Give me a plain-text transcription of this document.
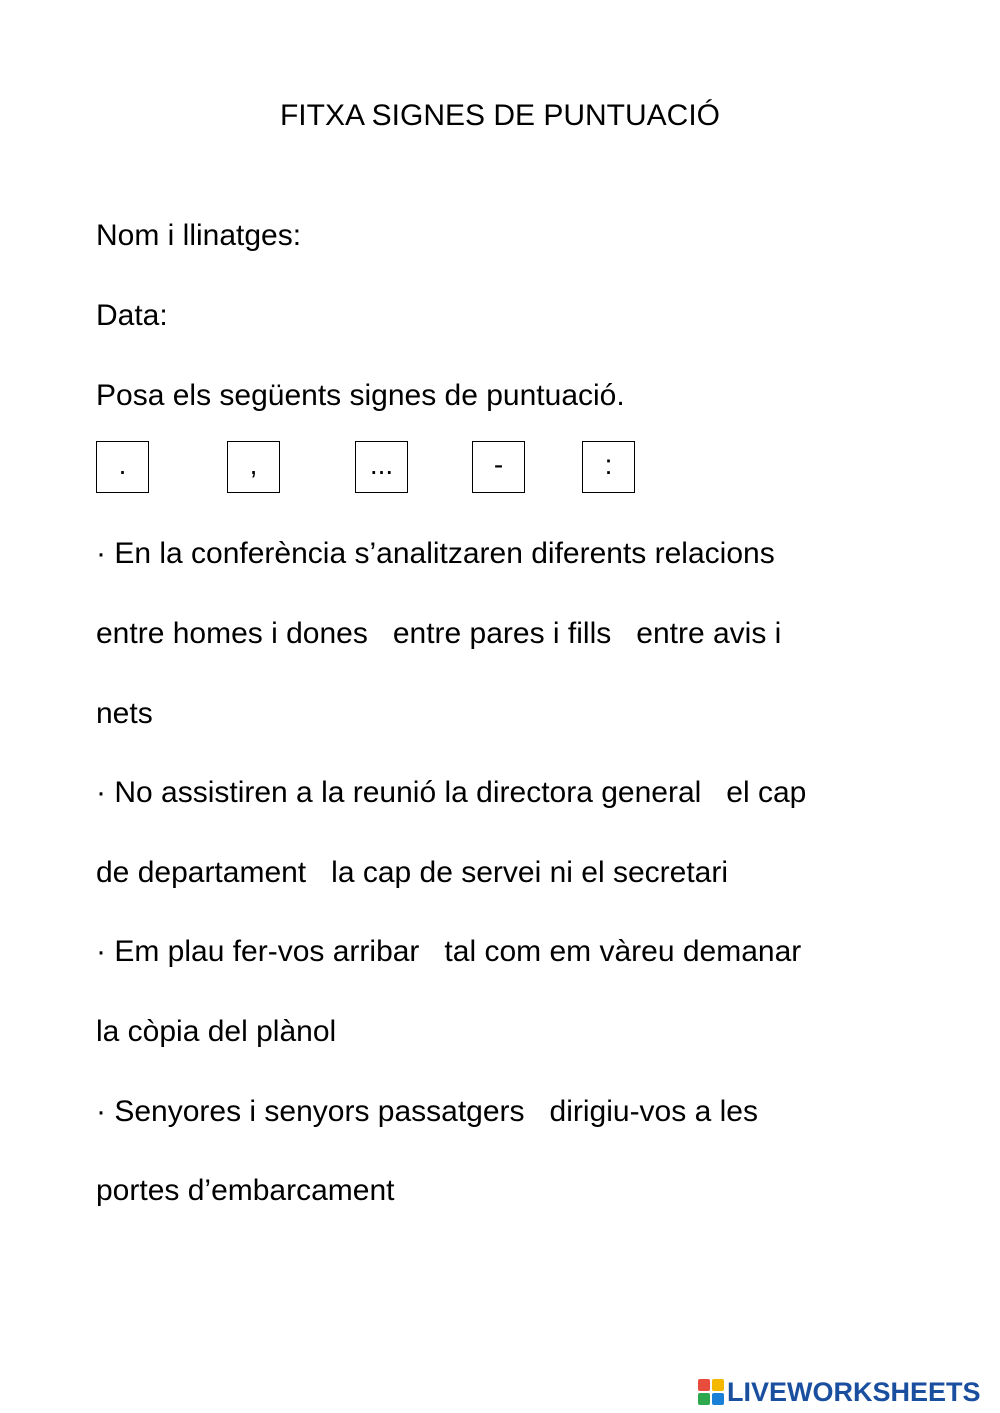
FITXA SIGNES DE PUNTUACIÓ
Nom i llinatges:
Data:
Posa els següents signes de puntuació.
.	,	...	-	:
· En la conferència s’analitzaren diferents relacions
entre homes i dones   entre pares i fills   entre avis i
nets
· No assistiren a la reunió la directora general   el cap
de departament   la cap de servei ni el secretari
· Em plau fer-vos arribar   tal com em vàreu demanar
la còpia del plànol
· Senyores i senyors passatgers   dirigiu-vos a les
portes d’embarcament
LIVEWORKSHEETS
